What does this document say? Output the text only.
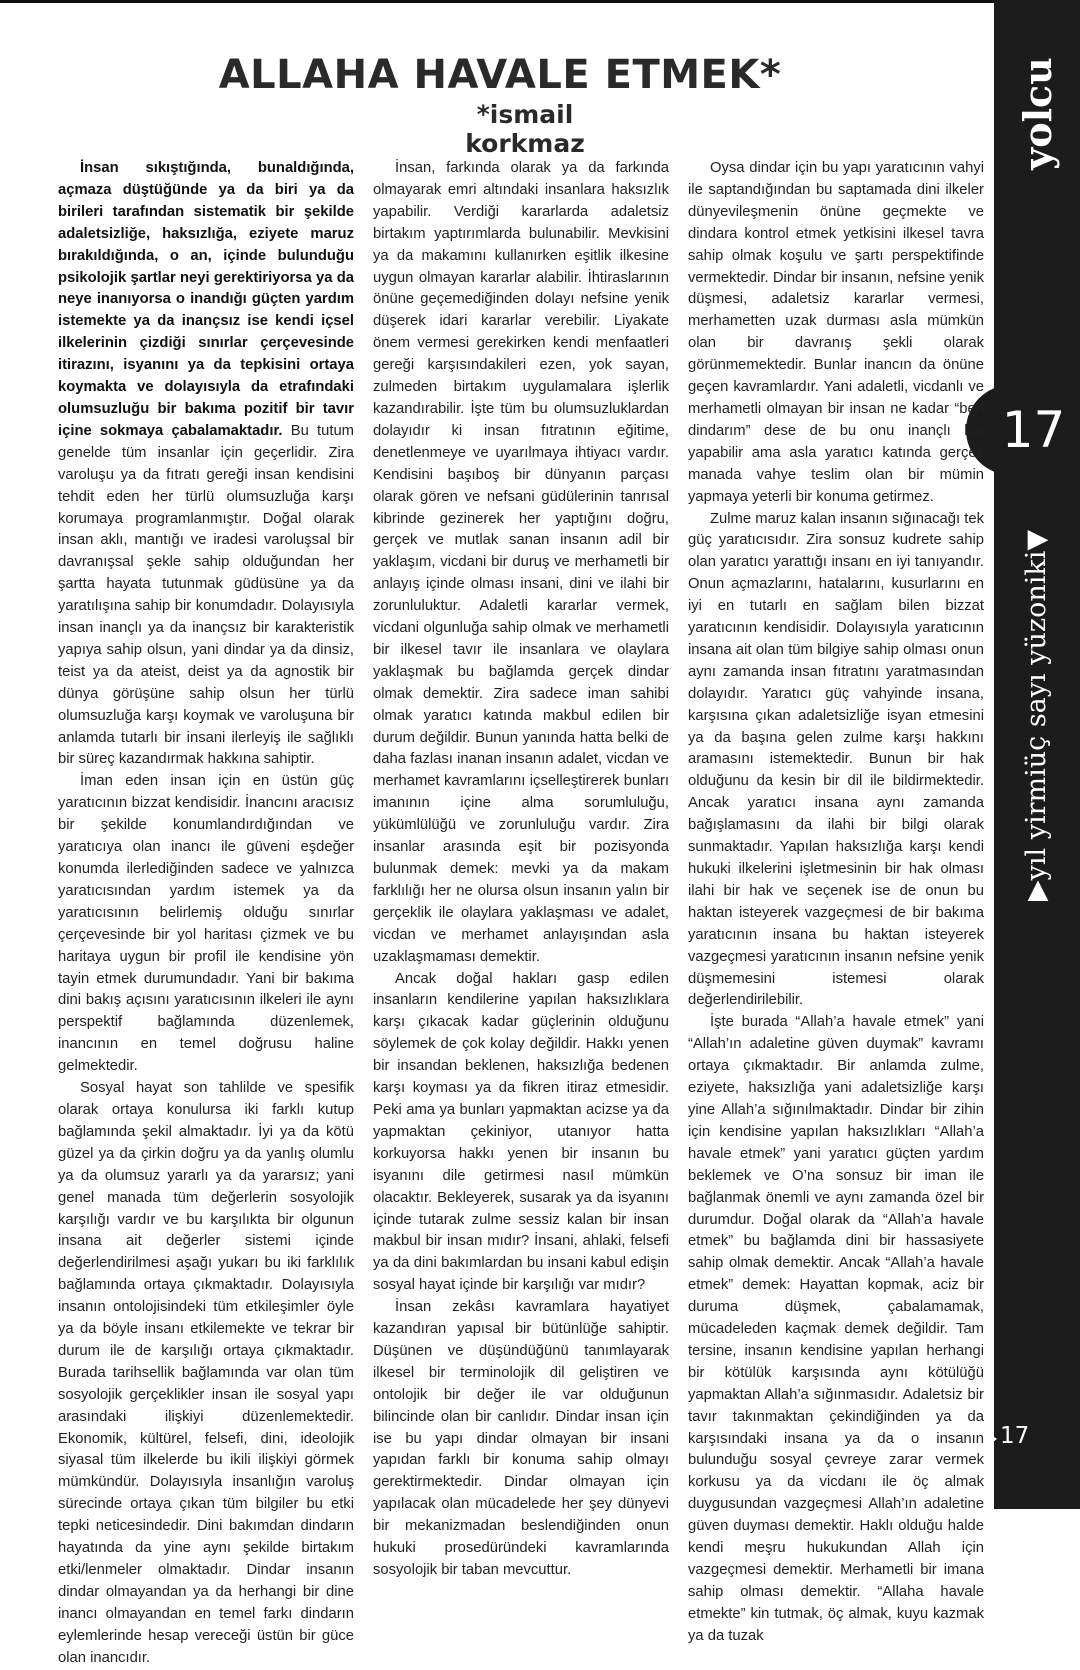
yolcu
17
▶yıl yirmiüç sayı yüzoniki▼
ALLAHA HAVALE ETMEK*
*ismail korkmaz

İnsan sıkıştığında, bunaldığında, açmaza düştüğünde ya da biri ya da birileri tarafından sistematik bir şekilde adaletsizliğe, haksızlığa, eziyete maruz bırakıldığında, o an, içinde bulunduğu psikolojik şartlar neyi gerektiriyorsa ya da neye inanıyorsa o inandığı güçten yardım istemekte ya da inançsız ise kendi içsel ilkelerinin çizdiği sınırlar çerçevesinde itirazını, isyanını ya da tepkisini ortaya koymakta ve dolayısıyla da etrafındaki olumsuzluğu bir bakıma pozitif bir tavır içine sokmaya çabalamaktadır. Bu tutum genelde tüm insanlar için geçerlidir. Zira varoluşu ya da fıtratı gereği insan kendisini tehdit eden her türlü olumsuzluğa karşı korumaya programlanmıştır. Doğal olarak insan aklı, mantığı ve iradesi varoluşsal bir davranışsal şekle sahip olduğundan her şartta hayata tutunmak güdüsüne ya da yaratılışına sahip bir konumdadır. Dolayısıyla insan inançlı ya da inançsız bir karakteristik yapıya sahip olsun, yani dindar ya da dinsiz, teist ya da ateist, deist ya da agnostik bir dünya görüşüne sahip olsun her türlü olumsuzluğa karşı koymak ve varoluşuna bir anlamda tutarlı bir insani ilerleyiş ile sağlıklı bir süreç kazandırmak hakkına sahiptir.

İman eden insan için en üstün güç yaratıcının bizzat kendisidir. İnancını aracısız bir şekilde konumlandırdığından ve yaratıcıya olan inancı ile güveni eşdeğer konumda ilerlediğinden sadece ve yalnızca yaratıcısından yardım istemek ya da yaratıcısının belirlemiş olduğu sınırlar çerçevesinde bir yol haritası çizmek ve bu haritaya uygun bir profil ile kendisine yön tayin etmek durumundadır. Yani bir bakıma dini bakış açısını yaratıcısının ilkeleri ile aynı perspektif bağlamında düzenlemek, inancının en temel doğrusu haline gelmektedir.

Sosyal hayat son tahlilde ve spesifik olarak ortaya konulursa iki farklı kutup bağlamında şekil almaktadır. İyi ya da kötü güzel ya da çirkin doğru ya da yanlış olumlu ya da olumsuz yararlı ya da yararsız; yani genel manada tüm değerlerin sosyolojik karşılığı vardır ve bu karşılıkta bir olgunun insana ait değerler sistemi içinde değerlendirilmesi aşağı yukarı bu iki farklılık bağlamında ortaya çıkmaktadır. Dolayısıyla insanın ontolojisindeki tüm etkileşimler öyle ya da böyle insanı etkilemekte ve tekrar bir durum ile de karşılığı ortaya çıkmaktadır. Burada tarihsellik bağlamında var olan tüm sosyolojik gerçeklikler insan ile sosyal yapı arasındaki ilişkiyi düzenlemektedir. Ekonomik, kültürel, felsefi, dini, ideolojik siyasal tüm ilkelerde bu ikili ilişkiyi görmek mümkündür. Dolayısıyla insanlığın varoluş sürecinde ortaya çıkan tüm bilgiler bu etki tepki neticesindedir. Dini bakımdan dindarın hayatında da yine aynı şekilde birtakım etki/lenmeler olmaktadır. Dindar insanın dindar olmayandan ya da herhangi bir dine inancı olmayandan en temel farkı dindarın eylemlerinde hesap vereceği üstün bir güce olan inancıdır.

İnsan, farkında olarak ya da farkında olmayarak emri altındaki insanlara haksızlık yapabilir. Verdiği kararlarda adaletsiz birtakım yaptırımlarda bulunabilir. Mevkisini ya da makamını kullanırken eşitlik ilkesine uygun olmayan kararlar alabilir. İhtiraslarının önüne geçemediğinden dolayı nefsine yenik düşerek idari kararlar verebilir. Liyakate önem vermesi gerekirken kendi menfaatleri gereği karşısındakileri ezen, yok sayan, zulmeden birtakım uygulamalara işlerlik kazandırabilir. İşte tüm bu olumsuzluklardan dolayıdır ki insan fıtratının eğitime, denetlenmeye ve uyarılmaya ihtiyacı vardır. Kendisini başıboş bir dünyanın parçası olarak gören ve nefsani güdülerinin tanrısal kibrinde gezinerek her yaptığını doğru, gerçek ve mutlak sanan insanın adil bir yaklaşım, vicdani bir duruş ve merhametli bir anlayış içinde olması insani, dini ve ilahi bir zorunluluktur. Adaletli kararlar vermek, vicdani olgunluğa sahip olmak ve merhametli bir ilkesel tavır ile insanlara ve olaylara yaklaşmak bu bağlamda gerçek dindar olmak demektir. Zira sadece iman sahibi olmak yaratıcı katında makbul edilen bir durum değildir. Bunun yanında hatta belki de daha fazlası inanan insanın adalet, vicdan ve merhamet kavramlarını içselleştirerek bunları imanının içine alma sorumluluğu, yükümlülüğü ve zorunluluğu vardır. Zira insanlar arasında eşit bir pozisyonda bulunmak demek: mevki ya da makam farklılığı her ne olursa olsun insanın yalın bir gerçeklik ile olaylara yaklaşması ve adalet, vicdan ve merhamet anlayışından asla uzaklaşmaması demektir.

Ancak doğal hakları gasp edilen insanların kendilerine yapılan haksızlıklara karşı çıkacak kadar güçlerinin olduğunu söylemek de çok kolay değildir. Hakkı yenen bir insandan beklenen, haksızlığa bedenen karşı koyması ya da fikren itiraz etmesidir. Peki ama ya bunları yapmaktan acizse ya da yapmaktan çekiniyor, utanıyor hatta korkuyorsa hakkı yenen bir insanın bu isyanını dile getirmesi nasıl mümkün olacaktır. Bekleyerek, susarak ya da isyanını içinde tutarak zulme sessiz kalan bir insan makbul bir insan mıdır? İnsani, ahlaki, felsefi ya da dini bakımlardan bu insani kabul edişin sosyal hayat içinde bir karşılığı var mıdır?

İnsan zekâsı kavramlara hayatiyet kazandıran yapısal bir bütünlüğe sahiptir. Düşünen ve düşündüğünü tanımlayarak ilkesel bir terminolojik dil geliştiren ve ontolojik bir değer ile var olduğunun bilincinde olan bir canlıdır. Dindar insan için ise bu yapı dindar olmayan bir insani yapıdan farklı bir konuma sahip olmayı gerektirmektedir. Dindar olmayan için yapılacak olan mücadelede her şey dünyevi bir mekanizmadan beslendiğinden onun hukuki prosedüründeki kavramlarında sosyolojik bir taban mevcuttur.

Oysa dindar için bu yapı yaratıcının vahyi ile saptandığından bu saptamada dini ilkeler dünyevileşmenin önüne geçmekte ve dindara kontrol etmek yetkisini ilkesel tavra sahip olmak koşulu ve şartı perspektifinde vermektedir. Dindar bir insanın, nefsine yenik düşmesi, adaletsiz kararlar vermesi, merhametten uzak durması asla mümkün olan bir davranış şekli olarak görünmemektedir. Bunlar inancın da önüne geçen kavramlardır. Yani adaletli, vicdanlı ve merhametli olmayan bir insan ne kadar “ben dindarım” dese de bu onu inançlı biri yapabilir ama asla yaratıcı katında gerçek manada vahye teslim olan bir mümin yapmaya yeterli bir konuma getirmez.

Zulme maruz kalan insanın sığınacağı tek güç yaratıcısıdır. Zira sonsuz kudrete sahip olan yaratıcı yarattığı insanı en iyi tanıyandır. Onun açmazlarını, hatalarını, kusurlarını en iyi en tutarlı en sağlam bilen bizzat yaratıcının kendisidir. Dolayısıyla yaratıcının insana ait olan tüm bilgiye sahip olması onun aynı zamanda insan fıtratını yaratmasından dolayıdır. Yaratıcı güç vahyinde insana, karşısına çıkan adaletsizliğe isyan etmesini ya da başına gelen zulme karşı hakkını aramasını istemektedir. Bunun bir hak olduğunu da kesin bir dil ile bildirmektedir. Ancak yaratıcı insana aynı zamanda bağışlamasını da ilahi bir bilgi olarak sunmaktadır. Yapılan haksızlığa karşı kendi hukuki ilkelerini işletmesinin bir hak olması ilahi bir hak ve seçenek ise de onun bu haktan isteyerek vazgeçmesi de bir bakıma yaratıcının insana bu haktan isteyerek vazgeçmesi yaratıcının insanın nefsine yenik düşmemesini istemesi olarak değerlendirilebilir.

İşte burada “Allah’a havale etmek” yani “Allah’ın adaletine güven duymak” kavramı ortaya çıkmaktadır. Bir anlamda zulme, eziyete, haksızlığa yani adaletsizliğe karşı yine Allah’a sığınılmaktadır. Dindar bir zihin için kendisine yapılan haksızlıkları “Allah’a havale etmek” yani yaratıcı güçten yardım beklemek ve O’na sonsuz bir iman ile bağlanmak önemli ve aynı zamanda özel bir durumdur. Doğal olarak da “Allah’a havale etmek” bu bağlamda dini bir hassasiyete sahip olmak demektir. Ancak “Allah’a havale etmek” demek: Hayattan kopmak, aciz bir duruma düşmek, çabalamamak, mücadeleden kaçmak demek değildir. Tam tersine, insanın kendisine yapılan herhangi bir kötülük karşısında aynı kötülüğü yapmaktan Allah’a sığınmasıdır. Adaletsiz bir tavır takınmaktan çekindiğinden ya da karşısındaki insana ya da o insanın bulunduğu sosyal çevreye zarar vermek korkusu ya da vicdanı ile öç almak duygusundan vazgeçmesi Allah’ın adaletine güven duyması demektir. Haklı olduğu halde kendi meşru hukukundan Allah için vazgeçmesi demektir. Merhametli bir imana sahip olması demektir. “Allaha havale etmekte” kin tutmak, öç almak, kuyu kazmak ya da tuzak

17
